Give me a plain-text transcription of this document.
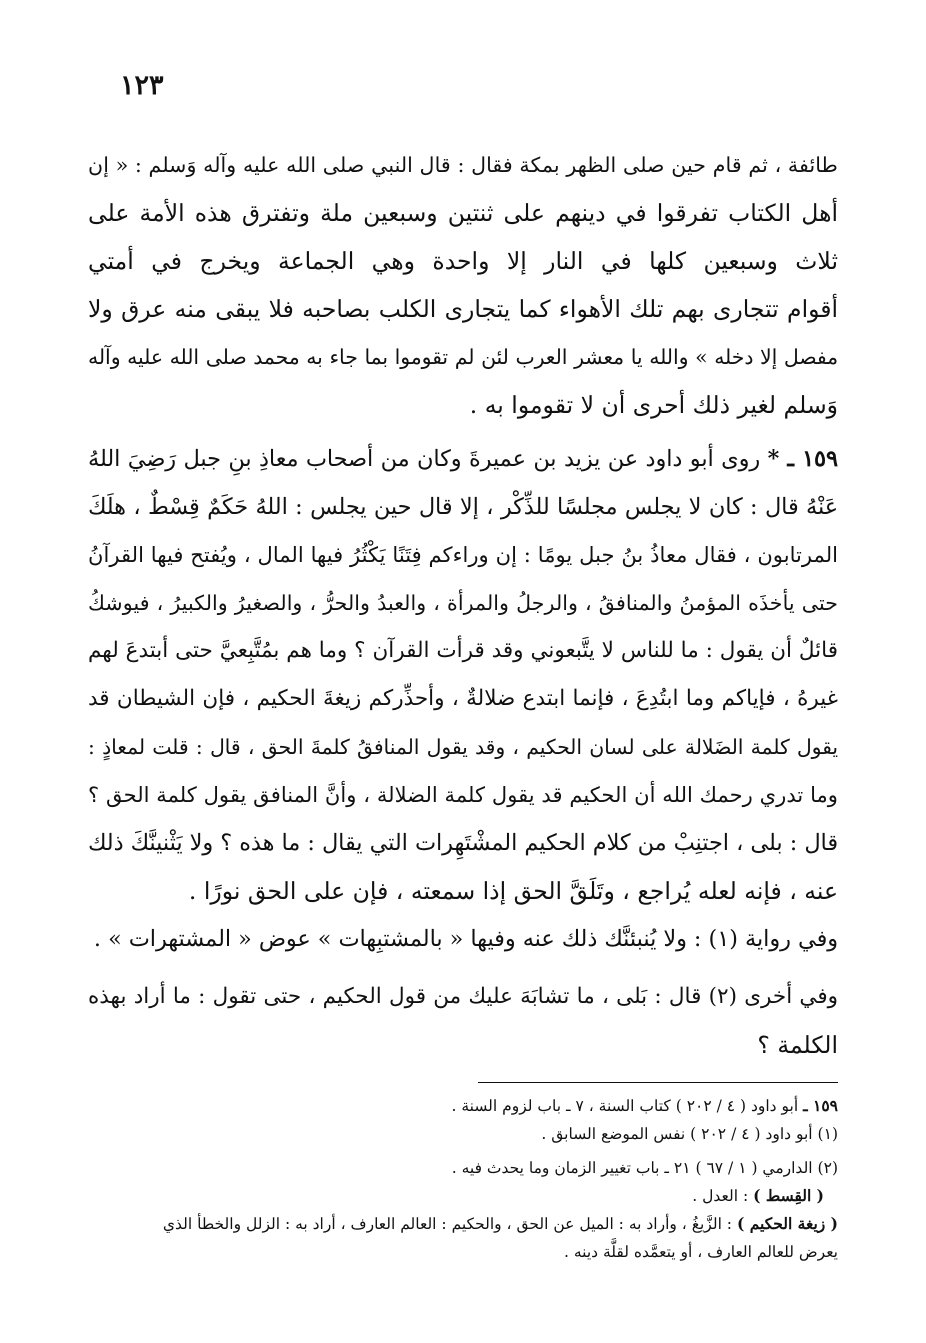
١٢٣
طائفة ، ثم قام حين صلى الظهر بمكة فقال : قال النبي صلى الله عليه وآله وَسلم : « إن
أهل الكتاب تفرقوا في دينهم على ثنتين وسبعين ملة وتفترق هذه الأمة على
ثلاث وسبعين كلها في النار إلا واحدة وهي الجماعة ويخرج في أمتي
أقوام تتجارى بهم تلك الأهواء كما يتجارى الكلب بصاحبه فلا يبقى منه عرق ولا
مفصل إلا دخله » والله يا معشر العرب لئن لم تقوموا بما جاء به محمد صلى الله عليه وآله
وَسلم لغير ذلك أحرى أن لا تقوموا به .
١٥٩ ـ * روى أبو داود عن يزيد بن عميرةَ وكان من أصحاب معاذِ بنِ جبل رَضِيَ اللهُ
عَنْهُ قال : كان لا يجلس مجلسًا للذِّكْر ، إلا قال حين يجلس : اللهُ حَكَمٌ قِسْطٌ ، هلَكَ
المرتابون ، فقال معاذُ بنُ جبل يومًا : إن وراءكم فِتَنًا يَكْثُرُ فيها المال ، ويُفتح فيها القرآنُ
حتى يأخذَه المؤمنُ والمنافقُ ، والرجلُ والمرأة ، والعبدُ والحرُّ ، والصغيرُ والكبيرُ ، فيوشكُ
قائلٌ أن يقول : ما للناس لا يتَّبعوني وقد قرأت القرآن ؟ وما هم بمُتَّبِعيَّ حتى أبتدعَ لهم
غيرهُ ، فإياكم وما ابتُدِعَ ، فإنما ابتدع ضلالةٌ ، وأحذِّركم زيغةَ الحكيم ، فإن الشيطان قد
يقول كلمة الضَلالة على لسان الحكيم ، وقد يقول المنافقُ كلمةَ الحق ، قال : قلت لمعاذٍ :
وما تدري رحمك الله أن الحكيم قد يقول كلمة الضلالة ، وأنَّ المنافق يقول كلمة الحق ؟
قال : بلى ، اجتنِبْ من كلام الحكيم المشْتَهِرات التي يقال : ما هذه ؟ ولا يَثْنينَّكَ ذلك
عنه ، فإنه لعله يُراجع ، وتَلَقَّ الحق إذا سمعته ، فإن على الحق نورًا .
وفي رواية (١) : ولا يُنبئنَّك ذلك عنه وفيها « بالمشتبِهات » عوض « المشتهرات » .
وفي أخرى (٢) قال : بَلى ، ما تشابَهَ عليك من قول الحكيم ، حتى تقول : ما أراد بهذه
الكلمة ؟
١٥٩ ـ أبو داود ( ٤ / ٢٠٢ ) كتاب السنة ، ٧ ـ باب لزوم السنة .
(١) أبو داود ( ٤ / ٢٠٢ ) نفس الموضع السابق .
(٢) الدارمي ( ١ / ٦٧ ) ٢١ ـ باب تغيير الزمان وما يحدث فيه .
( القِسط ) : العدل .
( زيغة الحكيم ) : الزَّيغُ ، وأراد به : الميل عن الحق ، والحكيم : العالم العارف ، أراد به : الزلل والخطأ الذي
يعرض للعالم العارف ، أو يتعمَّده لقلَّة دينه .
